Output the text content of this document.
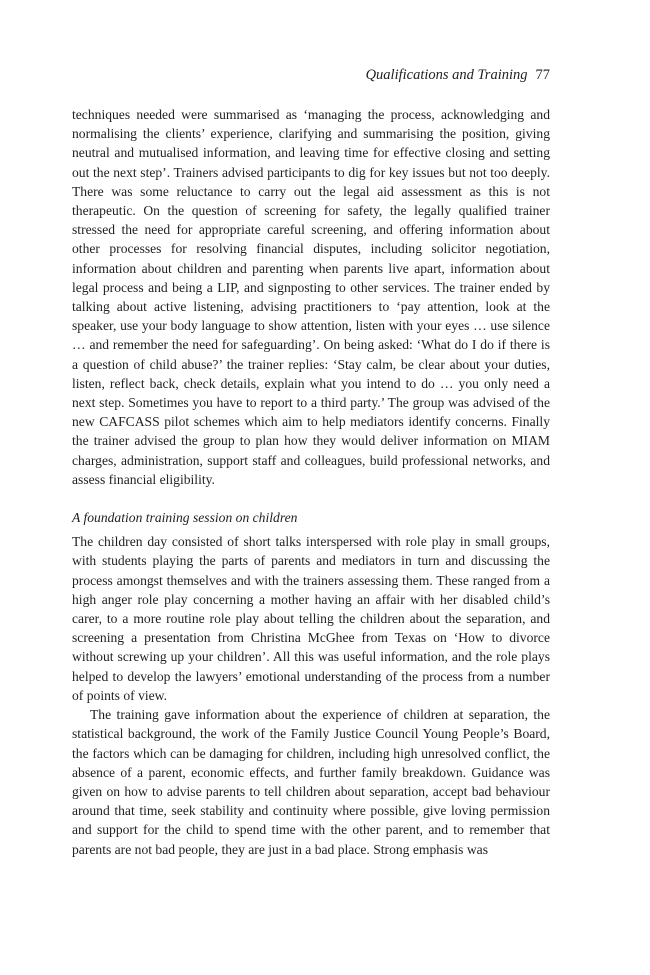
Qualifications and Training 77

techniques needed were summarised as ‘managing the process, acknowledging and normalising the clients’ experience, clarifying and summarising the position, giving neutral and mutualised information, and leaving time for effective closing and setting out the next step’. Trainers advised participants to dig for key issues but not too deeply. There was some reluctance to carry out the legal aid assessment as this is not therapeutic. On the question of screening for safety, the legally qualified trainer stressed the need for appropriate careful screening, and offering information about other processes for resolving financial disputes, including solicitor negotiation, information about children and parenting when parents live apart, information about legal process and being a LIP, and signposting to other services. The trainer ended by talking about active listening, advising practitioners to ‘pay attention, look at the speaker, use your body language to show attention, listen with your eyes … use silence … and remember the need for safeguarding’. On being asked: ‘What do I do if there is a question of child abuse?’ the trainer replies: ‘Stay calm, be clear about your duties, listen, reflect back, check details, explain what you intend to do … you only need a next step. Sometimes you have to report to a third party.’ The group was advised of the new CAFCASS pilot schemes which aim to help mediators identify concerns. Finally the trainer advised the group to plan how they would deliver information on MIAM charges, administration, support staff and colleagues, build professional networks, and assess financial eligibility.

A foundation training session on children

The children day consisted of short talks interspersed with role play in small groups, with students playing the parts of parents and mediators in turn and discussing the process amongst themselves and with the trainers assessing them. These ranged from a high anger role play concerning a mother having an affair with her disabled child’s carer, to a more routine role play about telling the children about the separation, and screening a presentation from Christina McGhee from Texas on ‘How to divorce without screwing up your children’. All this was useful information, and the role plays helped to develop the lawyers’ emotional understanding of the process from a number of points of view.

The training gave information about the experience of children at separation, the statistical background, the work of the Family Justice Council Young People’s Board, the factors which can be damaging for children, including high unresolved conflict, the absence of a parent, economic effects, and further family breakdown. Guidance was given on how to advise parents to tell children about separation, accept bad behaviour around that time, seek stability and continuity where possible, give loving permission and support for the child to spend time with the other parent, and to remember that parents are not bad people, they are just in a bad place. Strong emphasis was
